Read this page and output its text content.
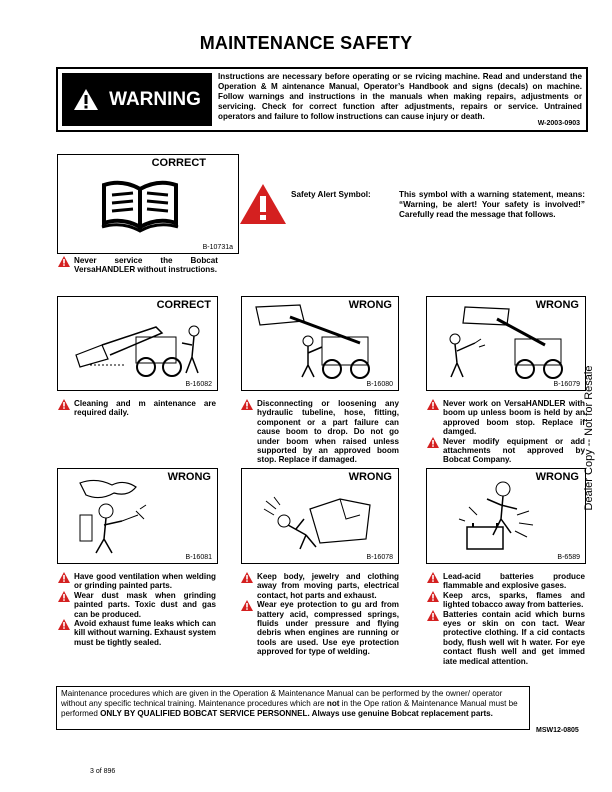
MAINTENANCE SAFETY
WARNING
Instructions are necessary before operating or se rvicing machine. Read and understand the Operation & M aintenance Manual, Operator’s Handbook and signs (decals) on machine. Follow warnings and instructions in the manuals when making repairs, adjustments or servicing. Check for correct function after adjustments, repairs or service. Untrained operators and failure to follow instructions can cause injury or death.
W-2003-0903
CORRECT
B-10731a
Never service the Bobcat VersaHANDLER without instructions.
Safety Alert Symbol:	This symbol with a warning statement, means: “Warning, be alert! Your safety is involved!” Carefully read the message that follows.
CORRECT
B-16082
Cleaning and m aintenance are required daily.
WRONG
B-16080
Disconnecting or loosening any hydraulic tubeline, hose, fitting, component or a part failure can cause boom to drop. Do not go under boom when raised unless supported by an approved boom stop. Replace if damaged.
WRONG
B-16079
Never work on VersaHANDLER with boom up unless boom is held by an approved boom stop. Replace if damged.
Never modify equipment or add attachments not approved by Bobcat Company.
WRONG
B-16081
Have good ventilation when welding or grinding painted parts.
Wear dust mask when grinding painted parts. Toxic dust and gas can be produced.
Avoid exhaust fume leaks which can kill without warning. Exhaust system must be tightly sealed.
WRONG
B-16078
Keep body, jewelry and clothing away from moving parts, electrical contact, hot parts and exhaust.
Wear eye protection to gu ard from battery acid, compressed springs, fluids under pressure and flying debris when engines are running or tools are used. Use eye protection approved for type of welding.
WRONG
B-6589
Lead-acid batteries produce flammable and explosive gases.
Keep arcs, sparks, flames and lighted tobacco away from batteries.
Batteries contain acid which burns eyes or skin on con tact. Wear protective clothing. If a cid contacts body, flush well wit h water. For eye contact flush well and get immed iate medical attention.
Maintenance procedures which are given in the Operation & Maintenance Manual can be performed by the owner/ operator without any specific technical training. Maintenance procedures which are not in the Ope ration & Maintenance Manual must be performed ONLY BY QUALIFIED BOBCAT SERVICE PERSONNEL. Always use genuine Bobcat replacement parts.
MSW12-0805
3 of 896
Dealer Copy -- Not for Resale
